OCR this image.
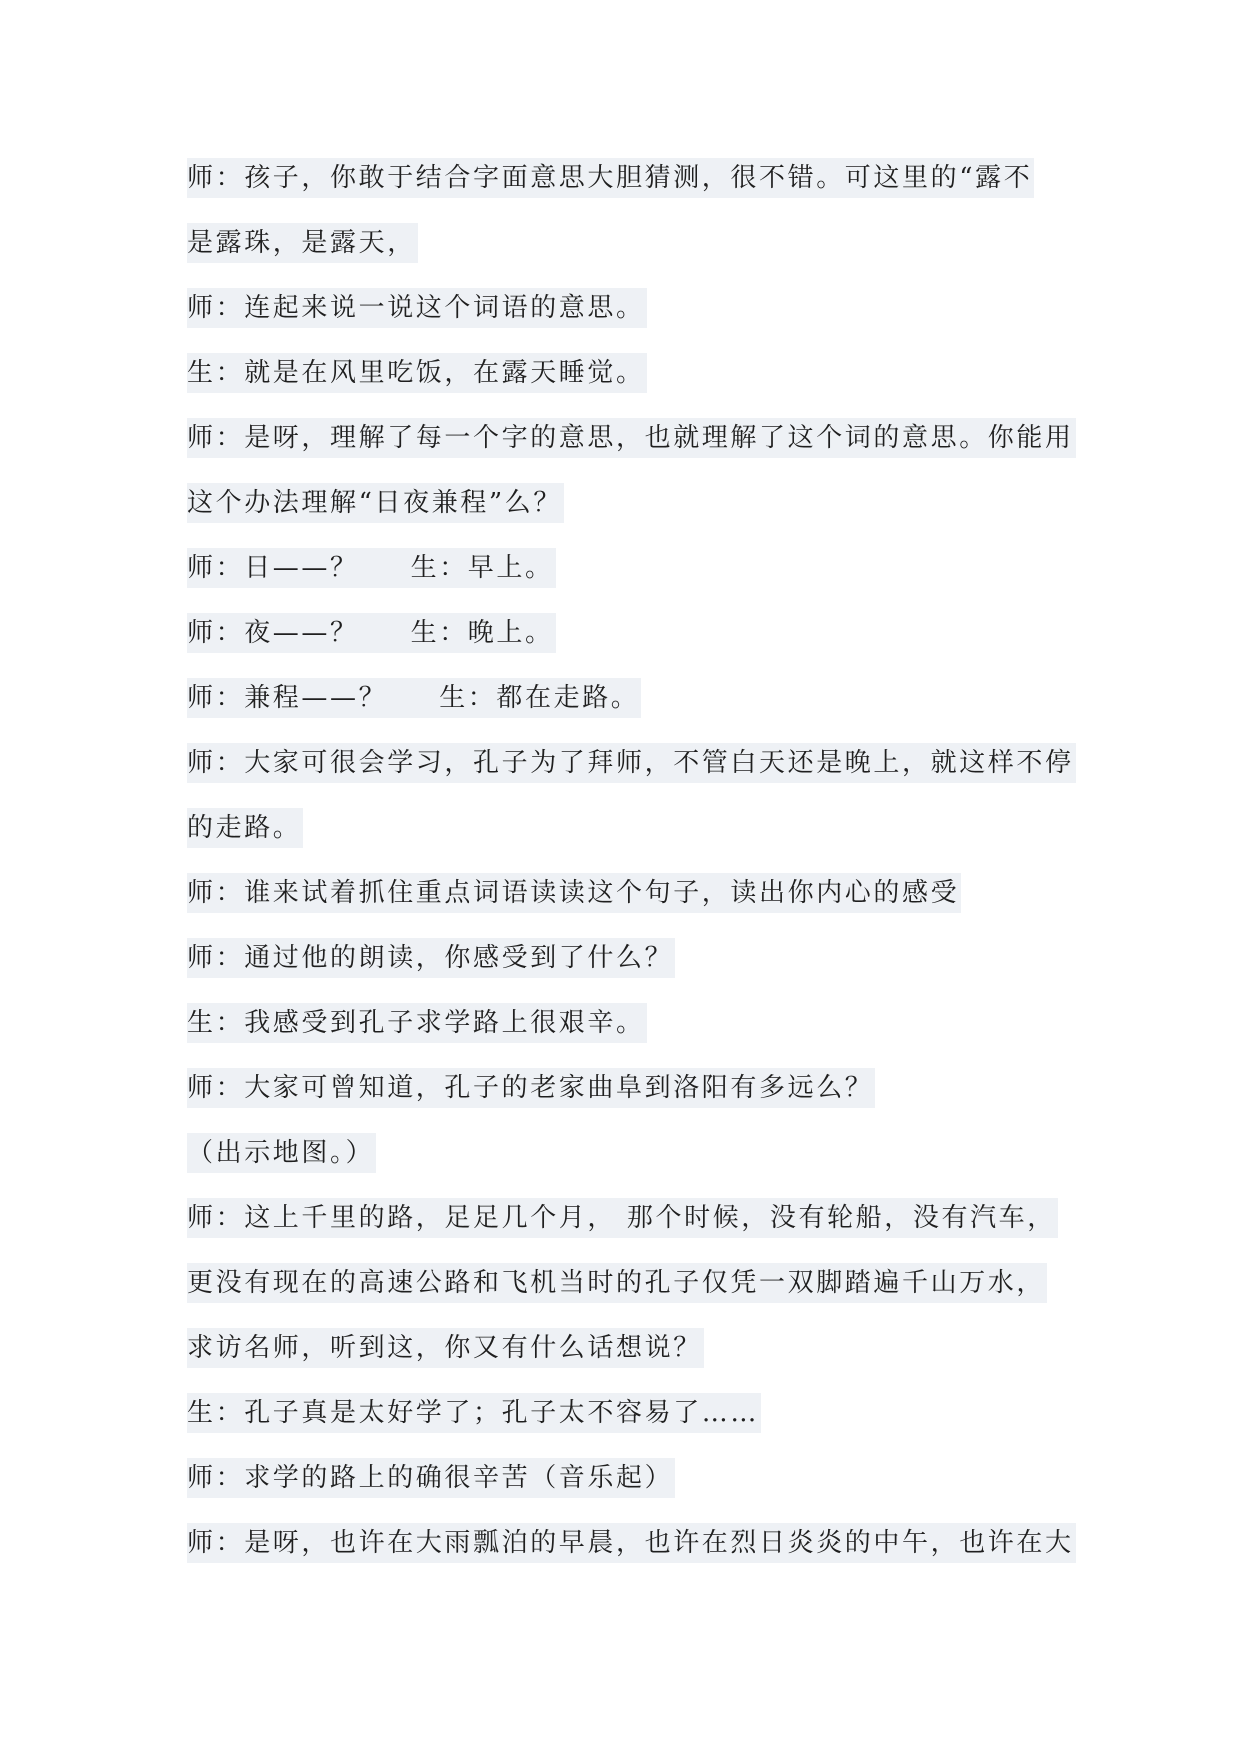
师：孩子，你敢于结合字面意思大胆猜测，很不错。可这里的“露不
是露珠，是露天，
师：连起来说一说这个词语的意思。
生：就是在风里吃饭，在露天睡觉。
师：是呀，理解了每一个字的意思，也就理解了这个词的意思。你能用
这个办法理解“日夜兼程”么？
师：日——？ 生：早上。
师：夜——？ 生：晚上。
师：兼程——？ 生：都在走路。
师：大家可很会学习，孔子为了拜师，不管白天还是晚上，就这样不停
的走路。
师：谁来试着抓住重点词语读读这个句子，读出你内心的感受
师：通过他的朗读，你感受到了什么？
生：我感受到孔子求学路上很艰辛。
师：大家可曾知道，孔子的老家曲阜到洛阳有多远么？
（出示地图。）
师：这上千里的路，足足几个月， 那个时候，没有轮船，没有汽车，
更没有现在的高速公路和飞机当时的孔子仅凭一双脚踏遍千山万水，
求访名师，听到这，你又有什么话想说？
生：孔子真是太好学了；孔子太不容易了……
师：求学的路上的确很辛苦（音乐起）
师：是呀，也许在大雨瓢泊的早晨，也许在烈日炎炎的中午，也许在大
